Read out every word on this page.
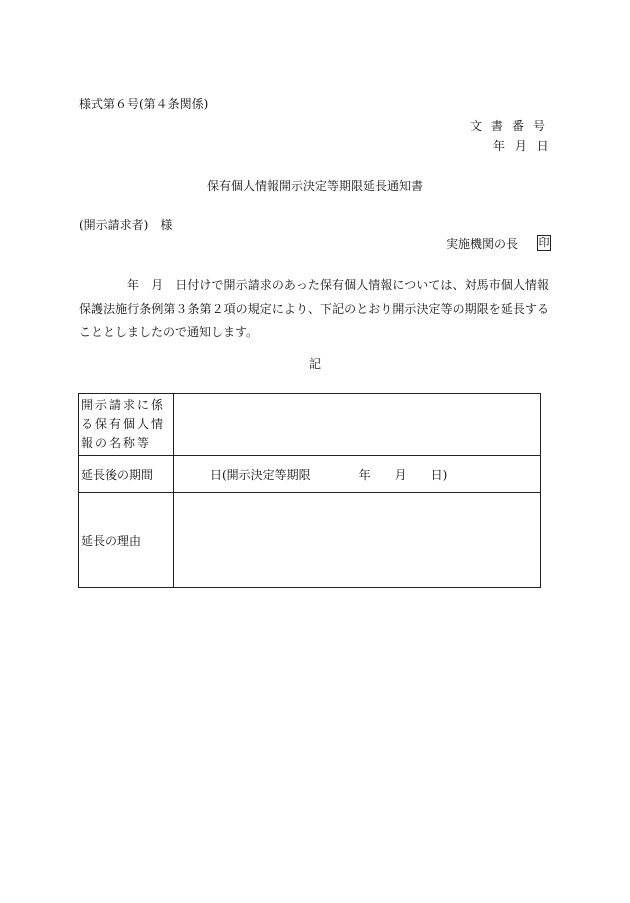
様式第６号(第４条関係)
文書番号
年 月 日
保有個人情報開示決定等期限延長通知書
(開示請求者)　様
実施機関の長 印
年　月　日付けで開示請求のあった保有個人情報については、対馬市個人情報保護法施行条例第３条第２項の規定により、下記のとおり開示決定等の期限を延長することとしましたので通知します。
記
開示請求に係る保有個人情報の名称等	
延長後の期間	日(開示決定等期限　　　　年　　月　　日)
延長の理由	
